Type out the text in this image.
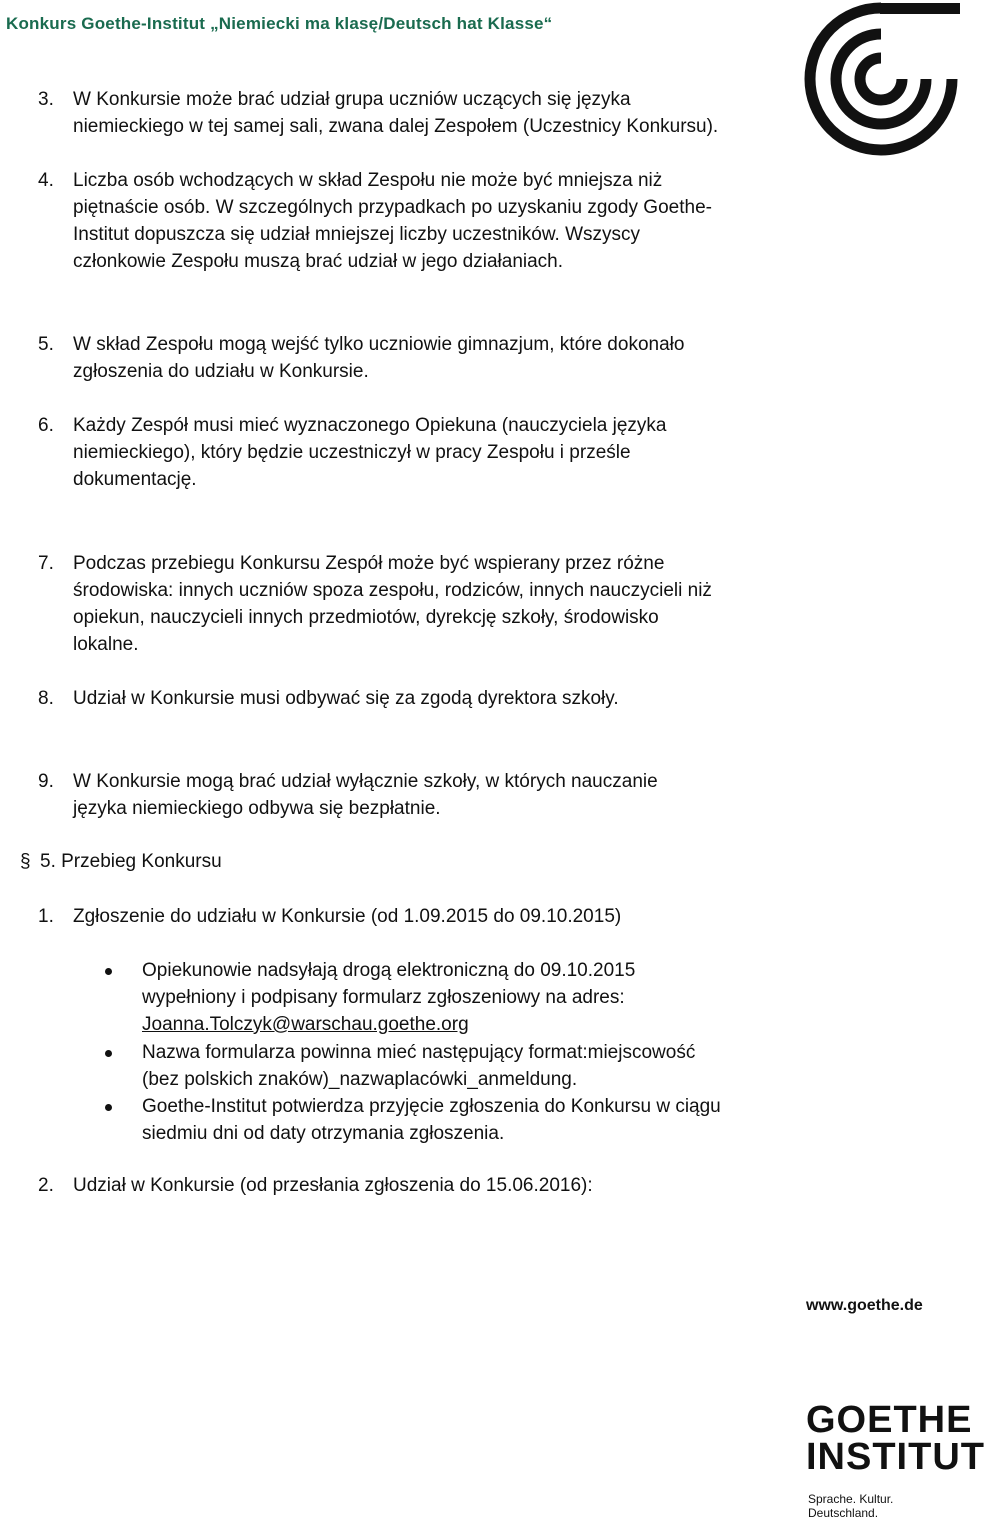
Konkurs Goethe-Institut „Niemiecki ma klasę/Deutsch hat Klasse“
3. W Konkursie może brać udział grupa uczniów uczących się języka
niemieckiego w tej samej sali, zwana dalej Zespołem (Uczestnicy Konkursu).
4. Liczba osób wchodzących w skład Zespołu nie może być mniejsza niż
piętnaście osób. W szczególnych przypadkach po uzyskaniu zgody Goethe-
Institut dopuszcza się udział mniejszej liczby uczestników. Wszyscy
członkowie Zespołu muszą brać udział w jego działaniach.
5. W skład Zespołu mogą wejść tylko uczniowie gimnazjum, które dokonało
zgłoszenia do udziału w Konkursie.
6. Każdy Zespół musi mieć wyznaczonego Opiekuna (nauczyciela języka
niemieckiego), który będzie uczestniczył w pracy Zespołu i prześle
dokumentację.
7. Podczas przebiegu Konkursu Zespół może być wspierany przez różne
środowiska: innych uczniów spoza zespołu, rodziców, innych nauczycieli niż
opiekun, nauczycieli innych przedmiotów, dyrekcję szkoły, środowisko
lokalne.
8. Udział w Konkursie musi odbywać się za zgodą dyrektora szkoły.
9. W Konkursie mogą brać udział wyłącznie szkoły, w których nauczanie
języka niemieckiego odbywa się bezpłatnie.
§ 5. Przebieg Konkursu
1. Zgłoszenie do udziału w Konkursie (od 1.09.2015 do 09.10.2015)
Opiekunowie nadsyłają drogą elektroniczną do 09.10.2015
wypełniony i podpisany formularz zgłoszeniowy na adres:
Joanna.Tolczyk@warschau.goethe.org
Nazwa formularza powinna mieć następujący format:miejscowość
(bez polskich znaków)_nazwaplacówki_anmeldung.
Goethe-Institut potwierdza przyjęcie zgłoszenia do Konkursu w ciągu
siedmiu dni od daty otrzymania zgłoszenia.
2. Udział w Konkursie (od przesłania zgłoszenia do 15.06.2016):
www.goethe.de
GOETHE
INSTITUT
Sprache. Kultur. Deutschland.
